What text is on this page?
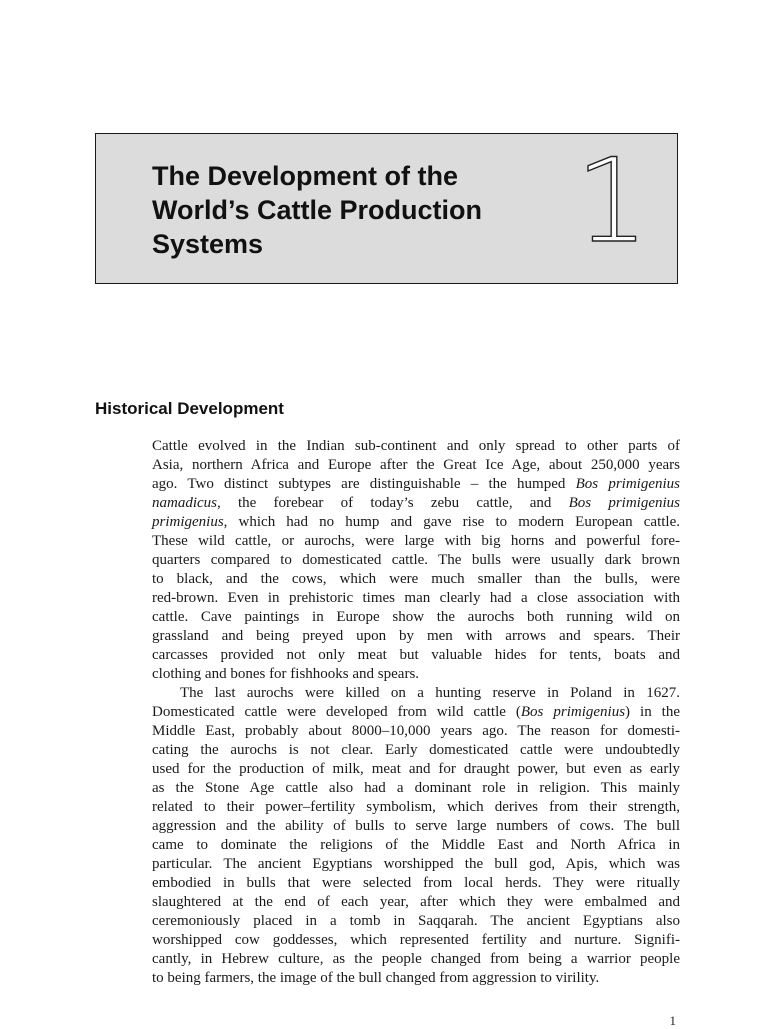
The Development of the
World’s Cattle Production
Systems	1
Historical Development
Cattle evolved in the Indian sub-continent and only spread to other parts of
Asia, northern Africa and Europe after the Great Ice Age, about 250,000 years
ago. Two distinct subtypes are distinguishable – the humped Bos primigenius
namadicus, the forebear of today’s zebu cattle, and Bos primigenius
primigenius, which had no hump and gave rise to modern European cattle.
These wild cattle, or aurochs, were large with big horns and powerful fore-
quarters compared to domesticated cattle. The bulls were usually dark brown
to black, and the cows, which were much smaller than the bulls, were
red-brown. Even in prehistoric times man clearly had a close association with
cattle. Cave paintings in Europe show the aurochs both running wild on
grassland and being preyed upon by men with arrows and spears. Their
carcasses provided not only meat but valuable hides for tents, boats and
clothing and bones for fishhooks and spears.
The last aurochs were killed on a hunting reserve in Poland in 1627.
Domesticated cattle were developed from wild cattle (Bos primigenius) in the
Middle East, probably about 8000–10,000 years ago. The reason for domesti-
cating the aurochs is not clear. Early domesticated cattle were undoubtedly
used for the production of milk, meat and for draught power, but even as early
as the Stone Age cattle also had a dominant role in religion. This mainly
related to their power–fertility symbolism, which derives from their strength,
aggression and the ability of bulls to serve large numbers of cows. The bull
came to dominate the religions of the Middle East and North Africa in
particular. The ancient Egyptians worshipped the bull god, Apis, which was
embodied in bulls that were selected from local herds. They were ritually
slaughtered at the end of each year, after which they were embalmed and
ceremoniously placed in a tomb in Saqqarah. The ancient Egyptians also
worshipped cow goddesses, which represented fertility and nurture. Signifi-
cantly, in Hebrew culture, as the people changed from being a warrior people
to being farmers, the image of the bull changed from aggression to virility.
1
